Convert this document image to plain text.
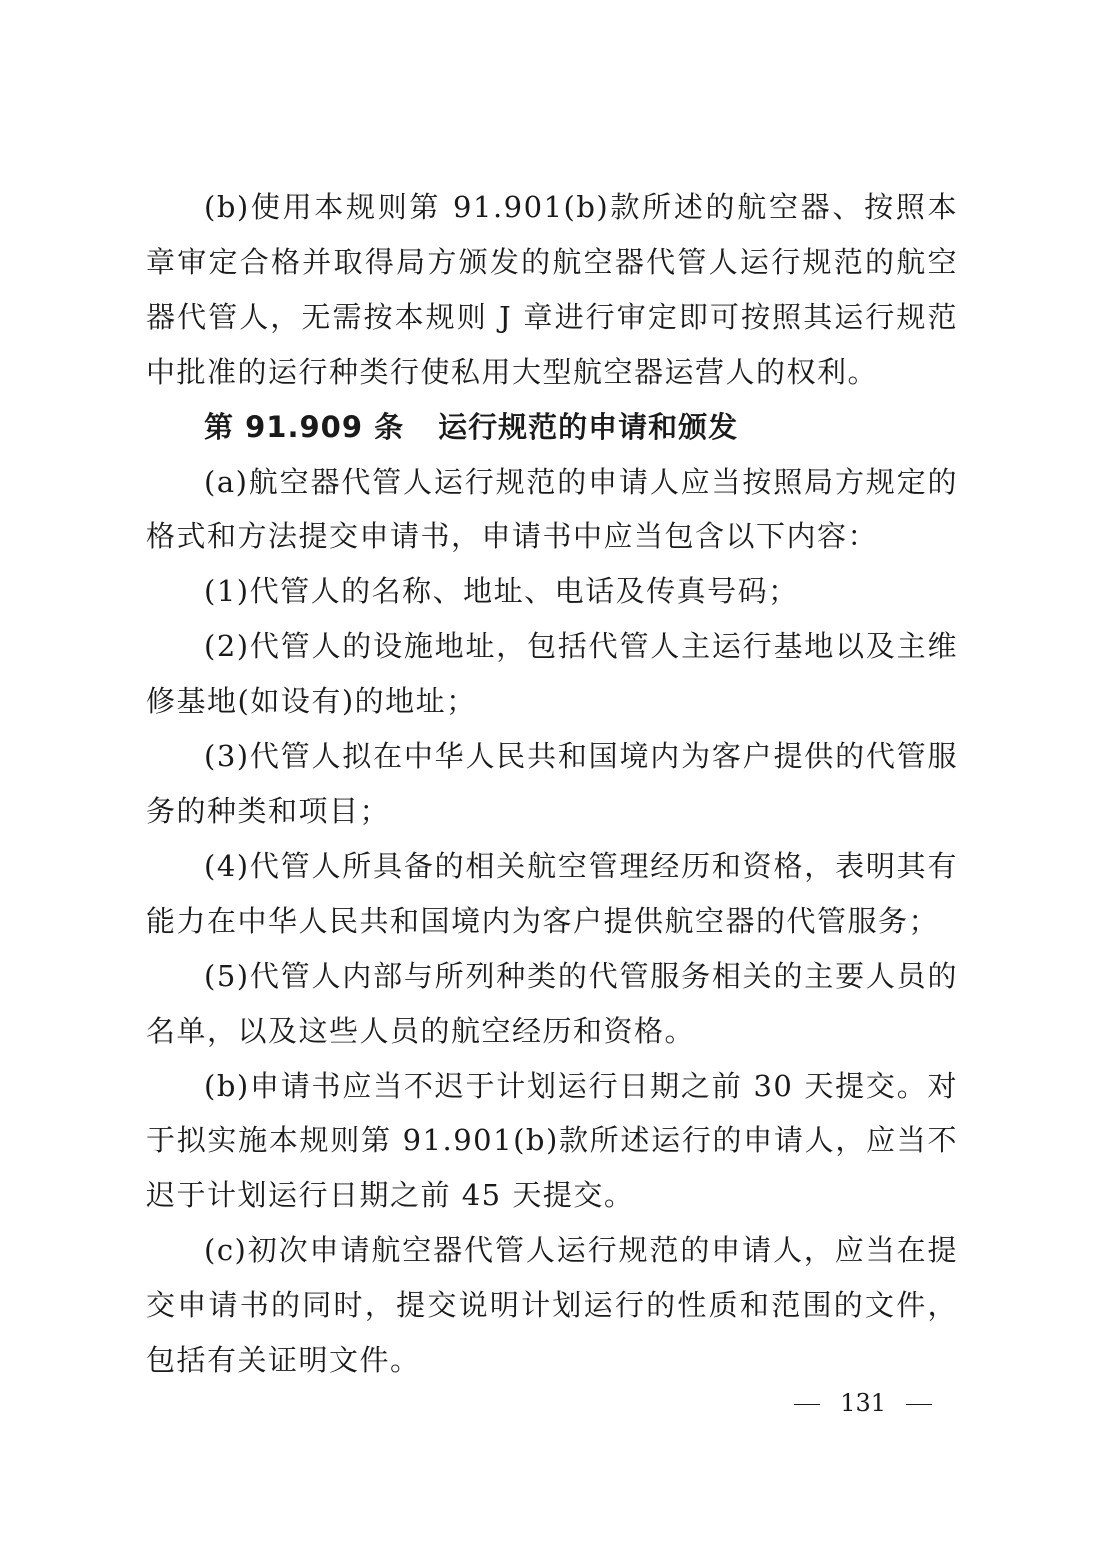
(b)使用本规则第 91.901(b)款所述的航空器、按照本章审定合格并取得局方颁发的航空器代管人运行规范的航空器代管人，无需按本规则 J 章进行审定即可按照其运行规范中批准的运行种类行使私用大型航空器运营人的权利。

第 91.909 条 运行规范的申请和颁发

(a)航空器代管人运行规范的申请人应当按照局方规定的格式和方法提交申请书，申请书中应当包含以下内容：

(1)代管人的名称、地址、电话及传真号码；

(2)代管人的设施地址，包括代管人主运行基地以及主维修基地(如设有)的地址；

(3)代管人拟在中华人民共和国境内为客户提供的代管服务的种类和项目；

(4)代管人所具备的相关航空管理经历和资格，表明其有能力在中华人民共和国境内为客户提供航空器的代管服务；

(5)代管人内部与所列种类的代管服务相关的主要人员的名单，以及这些人员的航空经历和资格。

(b)申请书应当不迟于计划运行日期之前 30 天提交。对于拟实施本规则第 91.901(b)款所述运行的申请人，应当不迟于计划运行日期之前 45 天提交。

(c)初次申请航空器代管人运行规范的申请人，应当在提交申请书的同时，提交说明计划运行的性质和范围的文件，包括有关证明文件。

131
